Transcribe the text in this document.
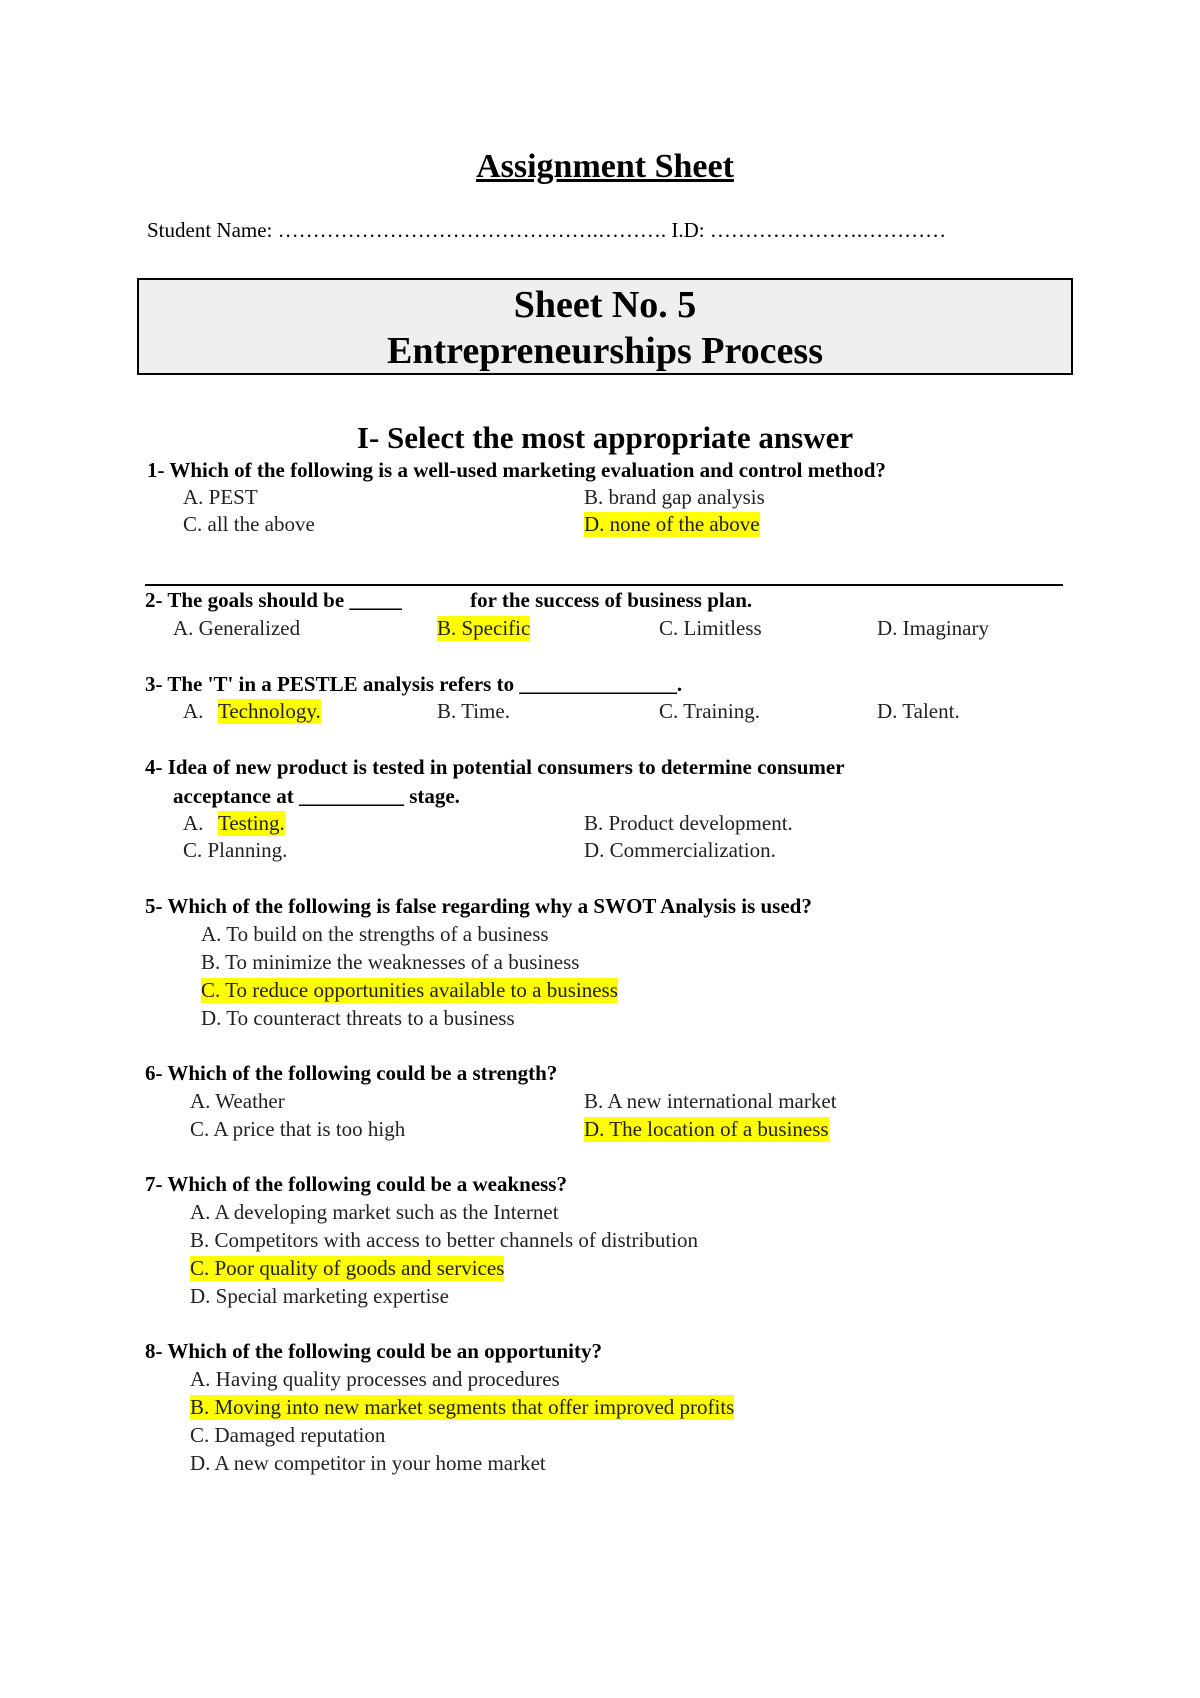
Assignment Sheet
Student Name: ……………………………………….………. I.D: ………………….…………
Sheet No. 5
Entrepreneurships Process
I- Select the most appropriate answer
1- Which of the following is a well-used marketing evaluation and control method?
A. PEST	B. brand gap analysis
C. all the above	D. none of the above
2- The goals should be _____             for the success of business plan.
A. Generalized	B. Specific	C. Limitless	D. Imaginary
3- The 'T' in a PESTLE analysis refers to _______________.
A. Technology.	B. Time.	C. Training.	D. Talent.
4- Idea of new product is tested in potential consumers to determine consumer
acceptance at __________ stage.
A. Testing.	B. Product development.
C. Planning.	D. Commercialization.
5- Which of the following is false regarding why a SWOT Analysis is used?
A. To build on the strengths of a business
B. To minimize the weaknesses of a business
C. To reduce opportunities available to a business
D. To counteract threats to a business
6- Which of the following could be a strength?
A. Weather	B. A new international market
C. A price that is too high	D. The location of a business
7- Which of the following could be a weakness?
A. A developing market such as the Internet
B. Competitors with access to better channels of distribution
C. Poor quality of goods and services
D. Special marketing expertise
8- Which of the following could be an opportunity?
A. Having quality processes and procedures
B. Moving into new market segments that offer improved profits
C. Damaged reputation
D. A new competitor in your home market
